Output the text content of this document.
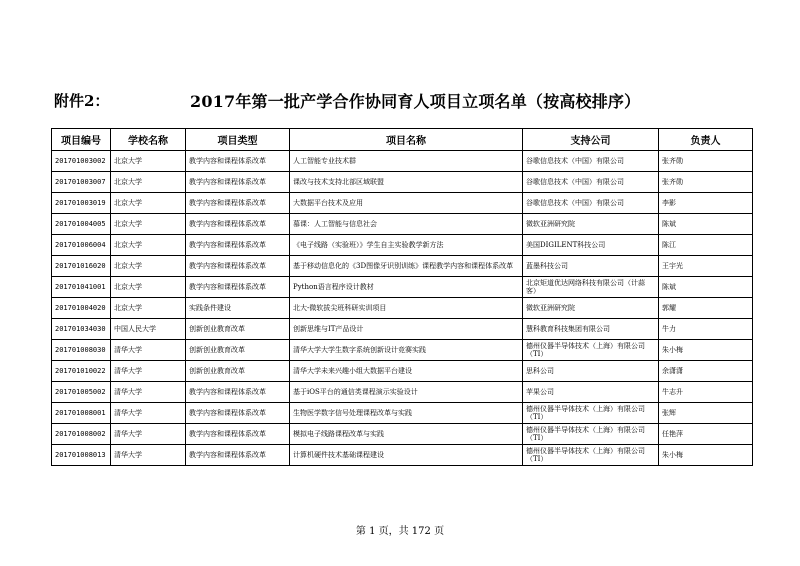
附件2：	2017年第一批产学合作协同育人项目立项名单（按高校排序）
项目编号	学校名称	项目类型	项目名称	支持公司	负责人
201701003002	北京大学	教学内容和课程体系改革	人工智能专业技术群	谷歌信息技术（中国）有限公司	张齐勋
201701003007	北京大学	教学内容和课程体系改革	课改与技术支持北部区域联盟	谷歌信息技术（中国）有限公司	张齐勋
201701003019	北京大学	教学内容和课程体系改革	大数据平台技术及应用	谷歌信息技术（中国）有限公司	李影
201701004005	北京大学	教学内容和课程体系改革	慕课：人工智能与信息社会	微软亚洲研究院	陈斌
201701006004	北京大学	教学内容和课程体系改革	《电子线路（实验班）》学生自主实验教学新方法	美国DIGILENT科技公司	陈江
201701016020	北京大学	教学内容和课程体系改革	基于移动信息化的《3D图像牙识别训练》课程教学内容和课程体系改革	蓝墨科技公司	王宇光
201701041001	北京大学	教学内容和课程体系改革	Python语言程序设计教材	北京矩道优达网络科技有限公司（计蒜客）	陈斌
201701004020	北京大学	实践条件建设	北大-微软拔尖班科研实训项目	微软亚洲研究院	郭耀
201701034030	中国人民大学	创新创业教育改革	创新思维与IT产品设计	慧科教育科技集团有限公司	牛力
201701008030	清华大学	创新创业教育改革	清华大学大学生数字系统创新设计竞赛实践	德州仪器半导体技术（上海）有限公司（TI）	朱小梅
201701010022	清华大学	创新创业教育改革	清华大学未来兴趣小组大数据平台建设	思科公司	余潇潇
201701005002	清华大学	教学内容和课程体系改革	基于iOS平台的通信类课程演示实验设计	苹果公司	牛志升
201701008001	清华大学	教学内容和课程体系改革	生物医学数字信号处理课程改革与实践	德州仪器半导体技术（上海）有限公司（TI）	张辉
201701008002	清华大学	教学内容和课程体系改革	模拟电子线路课程改革与实践	德州仪器半导体技术（上海）有限公司（TI）	任艳萍
201701008013	清华大学	教学内容和课程体系改革	计算机硬件技术基础课程建设	德州仪器半导体技术（上海）有限公司（TI）	朱小梅
第 1 页，共 172 页
